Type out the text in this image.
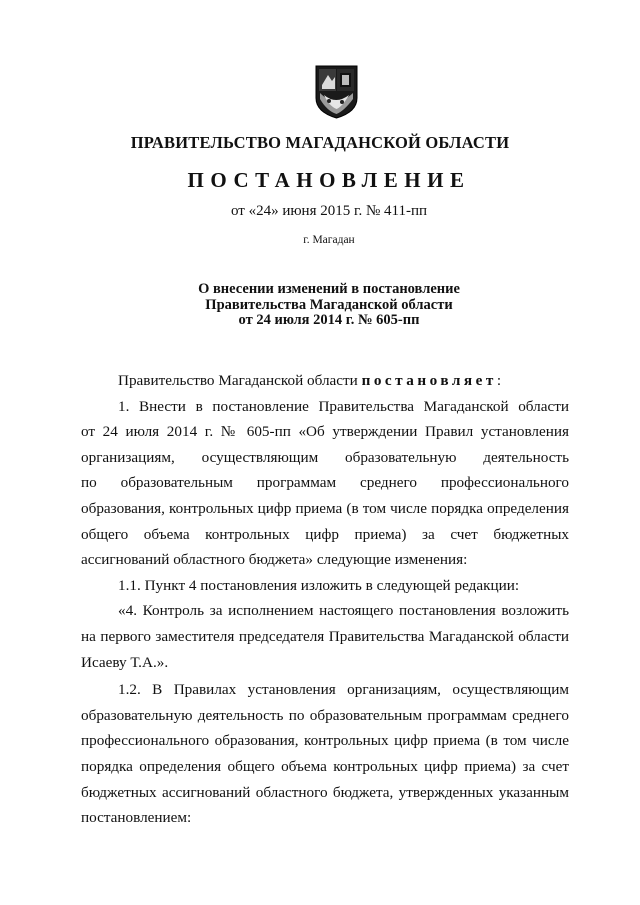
ПРАВИТЕЛЬСТВО МАГАДАНСКОЙ ОБЛАСТИ
ПОСТАНОВЛЕНИЕ
от «24» июня 2015 г. № 411-пп
г. Магадан
О внесении изменений в постановление
Правительства Магаданской области
от 24 июля 2014 г. № 605-пп

Правительство Магаданской области постановляет:

1. Внести в постановление Правительства Магаданской области
от 24 июля 2014 г. № 605-пп «Об утверждении Правил установления
организациям, осуществляющим образовательную деятельность
по образовательным программам среднего профессионального
образования, контрольных цифр приема (в том числе порядка определения
общего объема контрольных цифр приема) за счет бюджетных
ассигнований областного бюджета» следующие изменения:

1.1. Пункт 4 постановления изложить в следующей редакции:

«4. Контроль за исполнением настоящего постановления возложить
на первого заместителя председателя Правительства Магаданской области
Исаеву Т.А.».
1.2. В Правилах установления организациям, осуществляющим
образовательную деятельность по образовательным программам среднего
профессионального образования, контрольных цифр приема (в том числе
порядка определения общего объема контрольных цифр приема) за счет
бюджетных ассигнований областного бюджета, утвержденных указанным
постановлением:
